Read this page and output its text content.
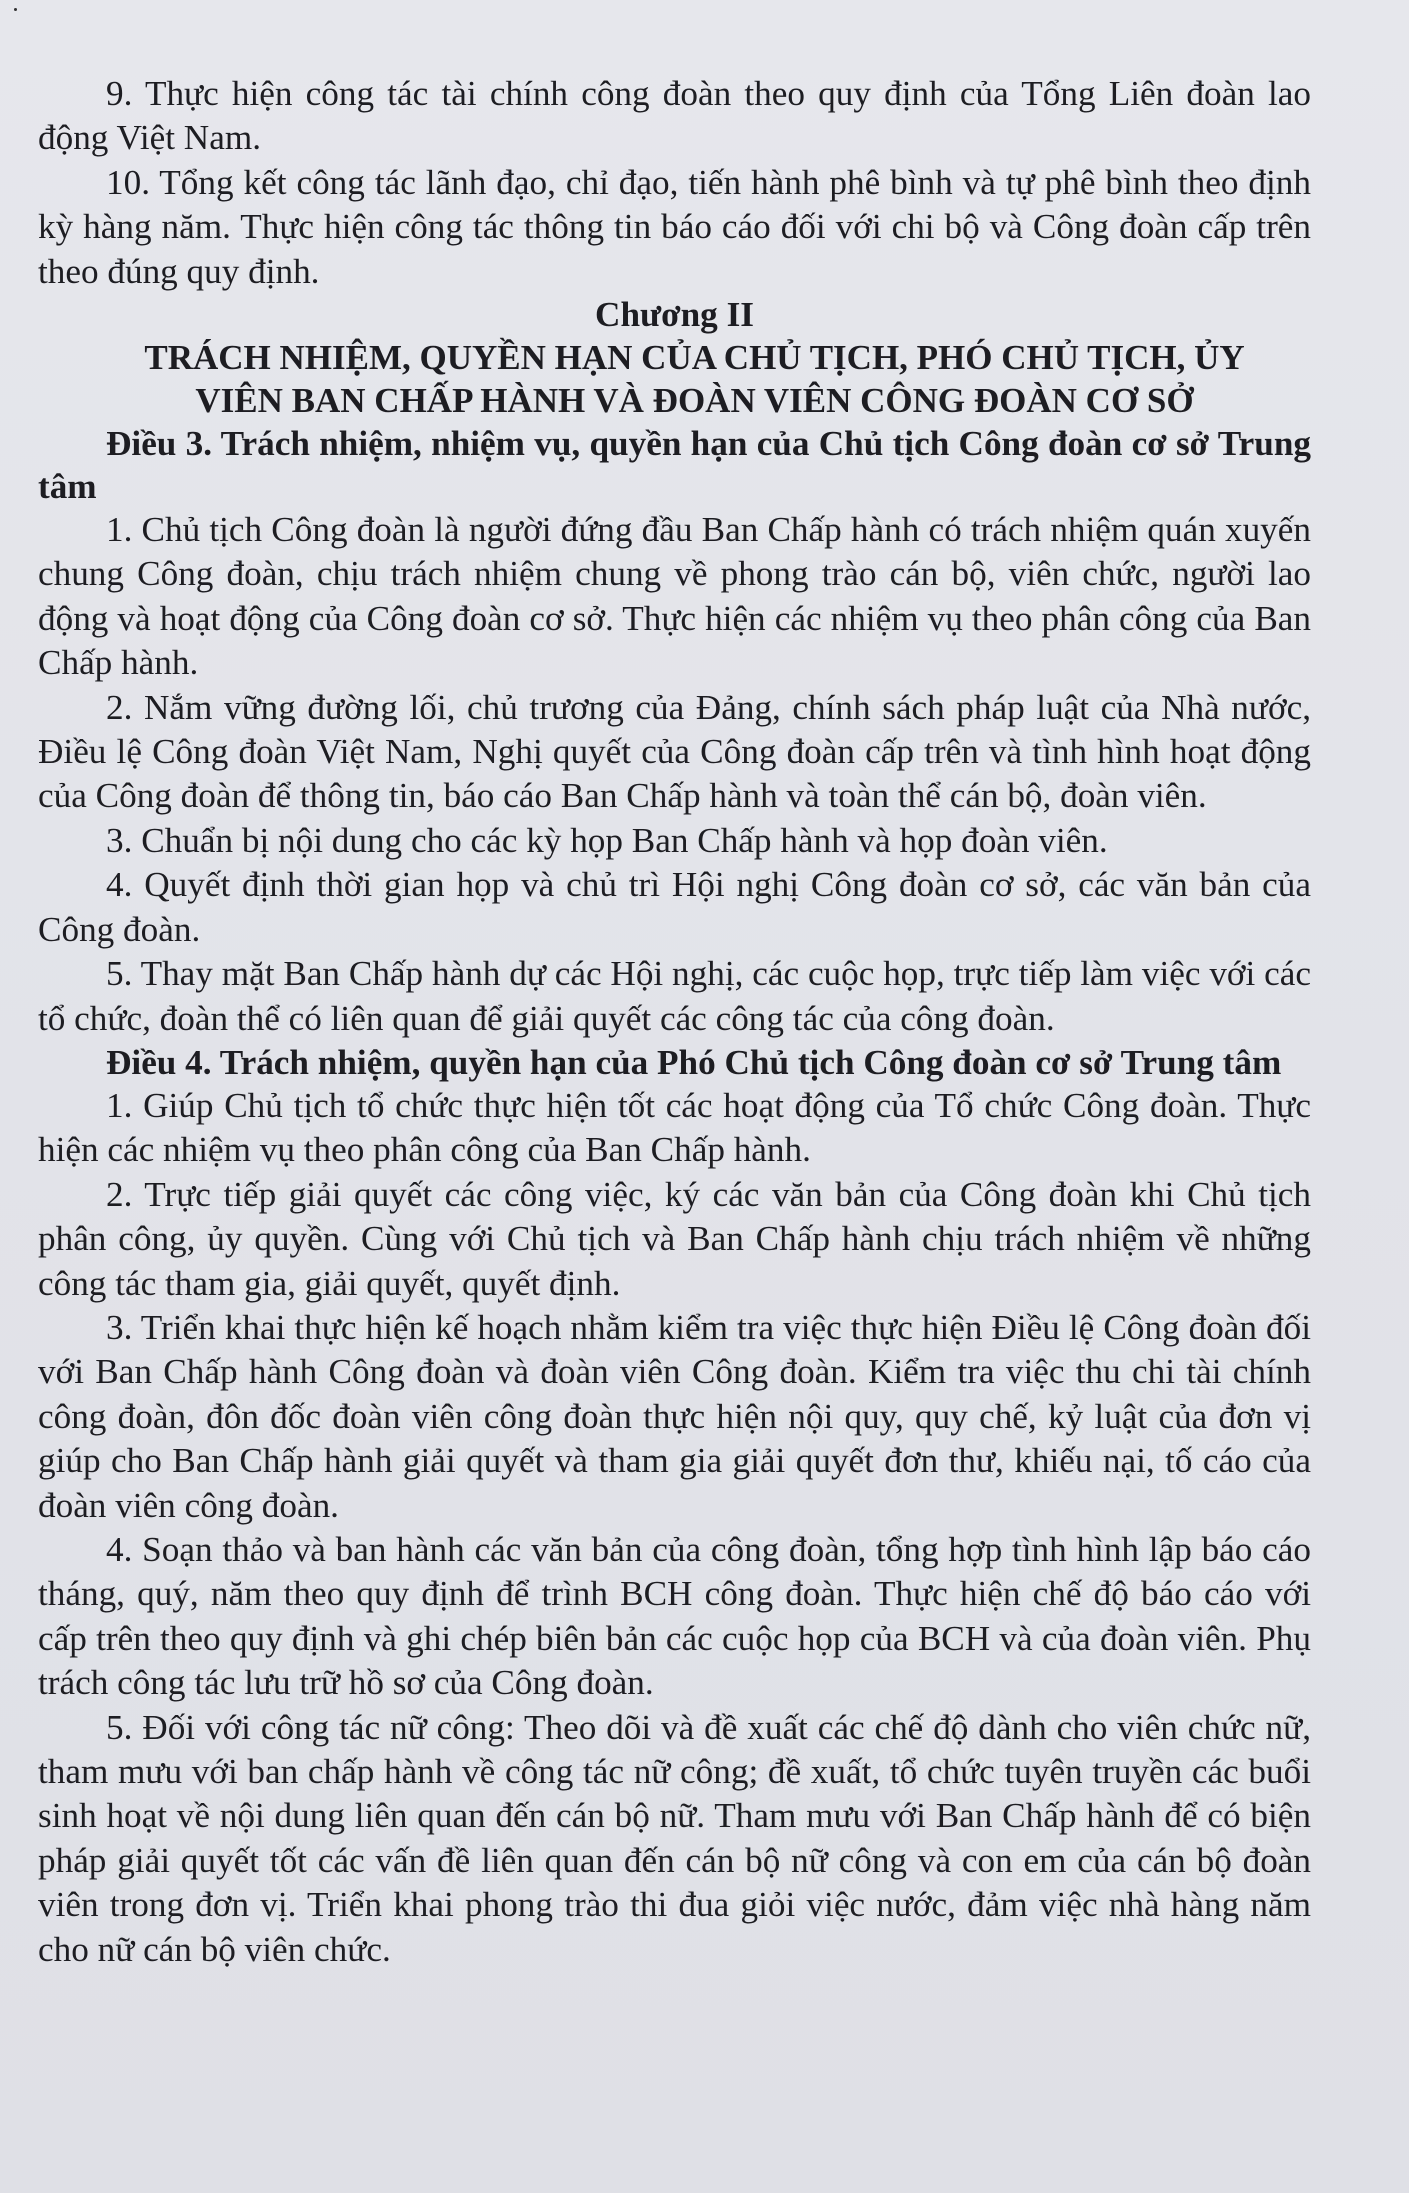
9. Thực hiện công tác tài chính công đoàn theo quy định của Tổng Liên đoàn lao động Việt Nam.

10. Tổng kết công tác lãnh đạo, chỉ đạo, tiến hành phê bình và tự phê bình theo định kỳ hàng năm. Thực hiện công tác thông tin báo cáo đối với chi bộ và Công đoàn cấp trên theo đúng quy định.

Chương II

TRÁCH NHIỆM, QUYỀN HẠN CỦA CHỦ TỊCH, PHÓ CHỦ TỊCH, ỦY VIÊN BAN CHẤP HÀNH VÀ ĐOÀN VIÊN CÔNG ĐOÀN CƠ SỞ

Điều 3. Trách nhiệm, nhiệm vụ, quyền hạn của Chủ tịch Công đoàn cơ sở Trung tâm

1. Chủ tịch Công đoàn là người đứng đầu Ban Chấp hành có trách nhiệm quán xuyến chung Công đoàn, chịu trách nhiệm chung về phong trào cán bộ, viên chức, người lao động và hoạt động của Công đoàn cơ sở. Thực hiện các nhiệm vụ theo phân công của Ban Chấp hành.

2. Nắm vững đường lối, chủ trương của Đảng, chính sách pháp luật của Nhà nước, Điều lệ Công đoàn Việt Nam, Nghị quyết của Công đoàn cấp trên và tình hình hoạt động của Công đoàn để thông tin, báo cáo Ban Chấp hành và toàn thể cán bộ, đoàn viên.

3. Chuẩn bị nội dung cho các kỳ họp Ban Chấp hành và họp đoàn viên.

4. Quyết định thời gian họp và chủ trì Hội nghị Công đoàn cơ sở, các văn bản của Công đoàn.

5. Thay mặt Ban Chấp hành dự các Hội nghị, các cuộc họp, trực tiếp làm việc với các tổ chức, đoàn thể có liên quan để giải quyết các công tác của công đoàn.

Điều 4. Trách nhiệm, quyền hạn của Phó Chủ tịch Công đoàn cơ sở Trung tâm

1. Giúp Chủ tịch tổ chức thực hiện tốt các hoạt động của Tổ chức Công đoàn. Thực hiện các nhiệm vụ theo phân công của Ban Chấp hành.

2. Trực tiếp giải quyết các công việc, ký các văn bản của Công đoàn khi Chủ tịch phân công, ủy quyền. Cùng với Chủ tịch và Ban Chấp hành chịu trách nhiệm về những công tác tham gia, giải quyết, quyết định.

3. Triển khai thực hiện kế hoạch nhằm kiểm tra việc thực hiện Điều lệ Công đoàn đối với Ban Chấp hành Công đoàn và đoàn viên Công đoàn. Kiểm tra việc thu chi tài chính công đoàn, đôn đốc đoàn viên công đoàn thực hiện nội quy, quy chế, kỷ luật của đơn vị giúp cho Ban Chấp hành giải quyết và tham gia giải quyết đơn thư, khiếu nại, tố cáo của đoàn viên công đoàn.

4. Soạn thảo và ban hành các văn bản của công đoàn, tổng hợp tình hình lập báo cáo tháng, quý, năm theo quy định để trình BCH công đoàn. Thực hiện chế độ báo cáo với cấp trên theo quy định và ghi chép biên bản các cuộc họp của BCH và của đoàn viên. Phụ trách công tác lưu trữ hồ sơ của Công đoàn.

5. Đối với công tác nữ công: Theo dõi và đề xuất các chế độ dành cho viên chức nữ, tham mưu với ban chấp hành về công tác nữ công; đề xuất, tổ chức tuyên truyền các buổi sinh hoạt về nội dung liên quan đến cán bộ nữ. Tham mưu với Ban Chấp hành để có biện pháp giải quyết tốt các vấn đề liên quan đến cán bộ nữ công và con em của cán bộ đoàn viên trong đơn vị. Triển khai phong trào thi đua giỏi việc nước, đảm việc nhà hàng năm cho nữ cán bộ viên chức.
